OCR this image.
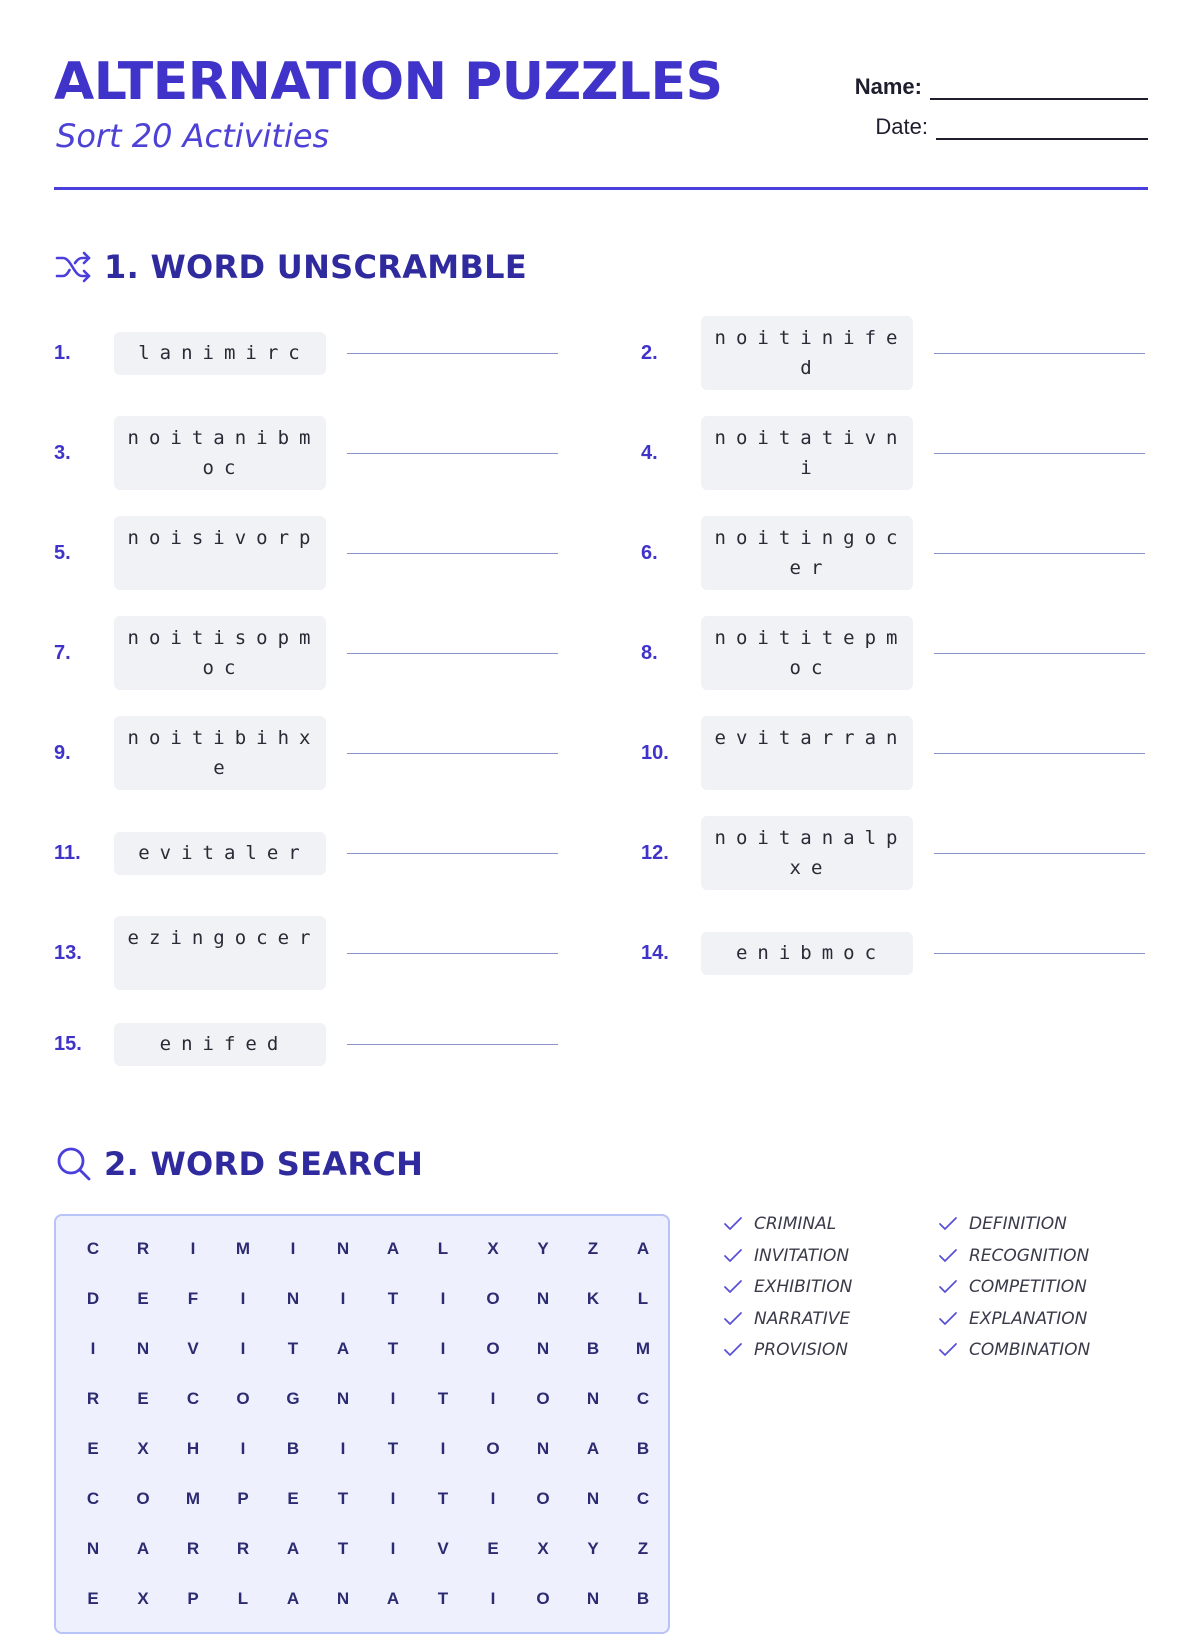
ALTERNATION PUZZLES
Sort 20 Activities
Name:
Date:
1. WORD UNSCRAMBLE
1.	lanimirc	2.
noitinifed
3.
noitanibmoc
4.
noitativni
5.
noisivorp
6.
noitingocer
7.
noitisopmoc
8.
noititepmoc
9.
noitibihxe
10.
evitarran
11.	evitaler	12.
noitanalpxe
13.
ezingocer
14.	enibmoc
15.	enifed
2. WORD SEARCH
C	R	I	M	I	N	A	L	X	Y	Z	A
D	E	F	I	N	I	T	I	O	N	K	L
I	N	V	I	T	A	T	I	O	N	B	M
R	E	C	O	G	N	I	T	I	O	N	C
E	X	H	I	B	I	T	I	O	N	A	B
C	O	M	P	E	T	I	T	I	O	N	C
N	A	R	R	A	T	I	V	E	X	Y	Z
E	X	P	L	A	N	A	T	I	O	N	B
CRIMINAL
INVITATION
EXHIBITION
NARRATIVE
PROVISION
DEFINITION
RECOGNITION
COMPETITION
EXPLANATION
COMBINATION
